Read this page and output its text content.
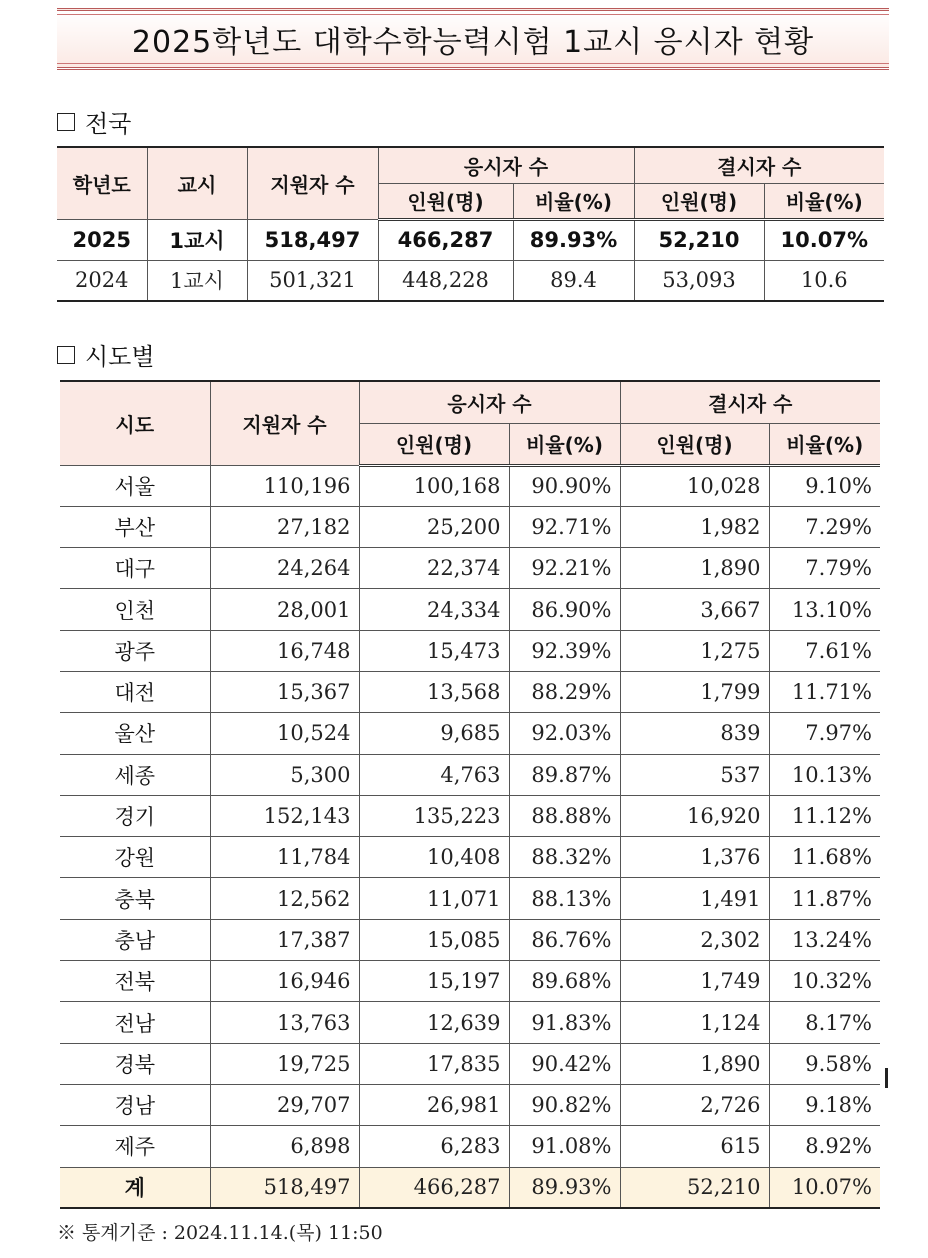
2025학년도 대학수학능력시험 1교시 응시자 현황
전국
학년도	교시	지원자 수	응시자 수		결시자 수	
			인원(명)	비율(%)	인원(명)	비율(%)
2025	1교시	518,497	466,287	89.93%	52,210	10.07%
2024	1교시	501,321	448,228	89.4	53,093	10.6
시도별
시도	지원자 수	응시자 수		결시자 수	
		인원(명)	비율(%)	인원(명)	비율(%)
서울	110,196	100,168	90.90%	10,028	9.10%
부산	27,182	25,200	92.71%	1,982	7.29%
대구	24,264	22,374	92.21%	1,890	7.79%
인천	28,001	24,334	86.90%	3,667	13.10%
광주	16,748	15,473	92.39%	1,275	7.61%
대전	15,367	13,568	88.29%	1,799	11.71%
울산	10,524	9,685	92.03%	839	7.97%
세종	5,300	4,763	89.87%	537	10.13%
경기	152,143	135,223	88.88%	16,920	11.12%
강원	11,784	10,408	88.32%	1,376	11.68%
충북	12,562	11,071	88.13%	1,491	11.87%
충남	17,387	15,085	86.76%	2,302	13.24%
전북	16,946	15,197	89.68%	1,749	10.32%
전남	13,763	12,639	91.83%	1,124	8.17%
경북	19,725	17,835	90.42%	1,890	9.58%
경남	29,707	26,981	90.82%	2,726	9.18%
제주	6,898	6,283	91.08%	615	8.92%
계	518,497	466,287	89.93%	52,210	10.07%
※ 통계기준 : 2024.11.14.(목) 11:50
